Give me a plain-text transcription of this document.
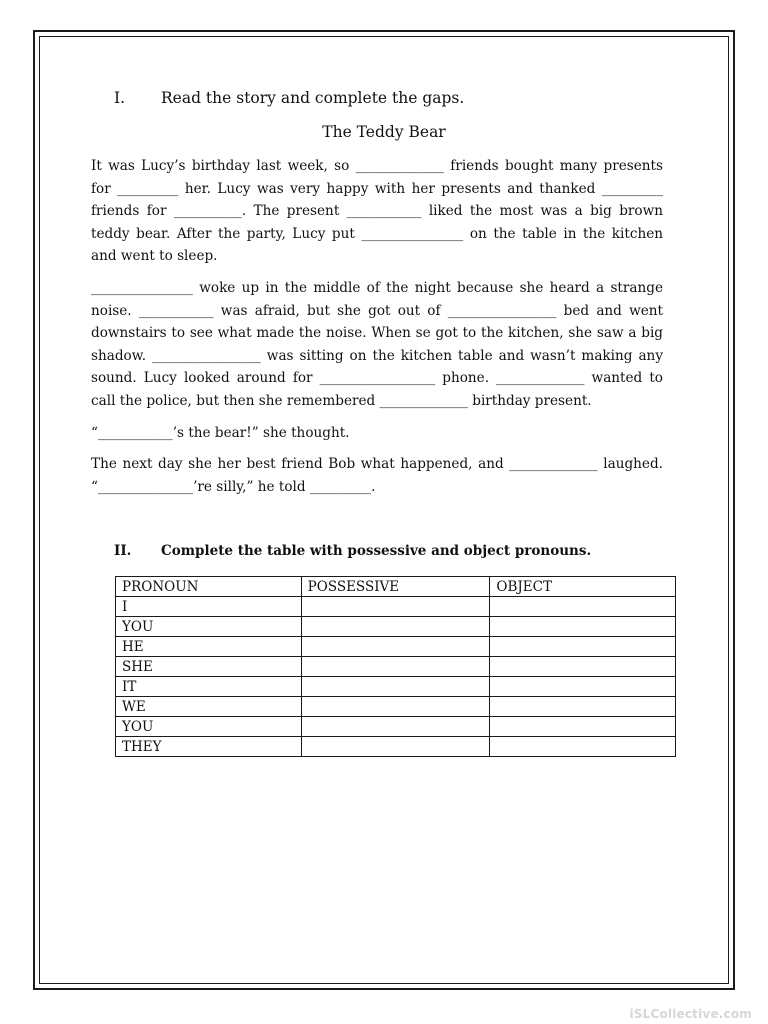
I. Read the story and complete the gaps.
The Teddy Bear

It was Lucy’s birthday last week, so _____________ friends bought many presents for _________ her. Lucy was very happy with her presents and thanked _________ friends for __________. The present ___________ liked the most was a big brown teddy bear. After the party, Lucy put _______________ on the table in the kitchen and went to sleep.

_______________ woke up in the middle of the night because she heard a strange noise. ___________ was afraid, but she got out of ________________ bed and went downstairs to see what made the noise. When se got to the kitchen, she saw a big shadow. ________________ was sitting on the kitchen table and wasn’t making any sound. Lucy looked around for _________________ phone. _____________ wanted to call the police, but then she remembered _____________ birthday present.

“___________’s the bear!” she thought.

The next day she her best friend Bob what happened, and _____________ laughed. “______________’re silly,” he told _________.

II. Complete the table with possessive and object pronouns.
PRONOUN	POSSESSIVE	OBJECT
I		
YOU		
HE		
SHE		
IT		
WE		
YOU		
THEY		
iSLCollective.com
